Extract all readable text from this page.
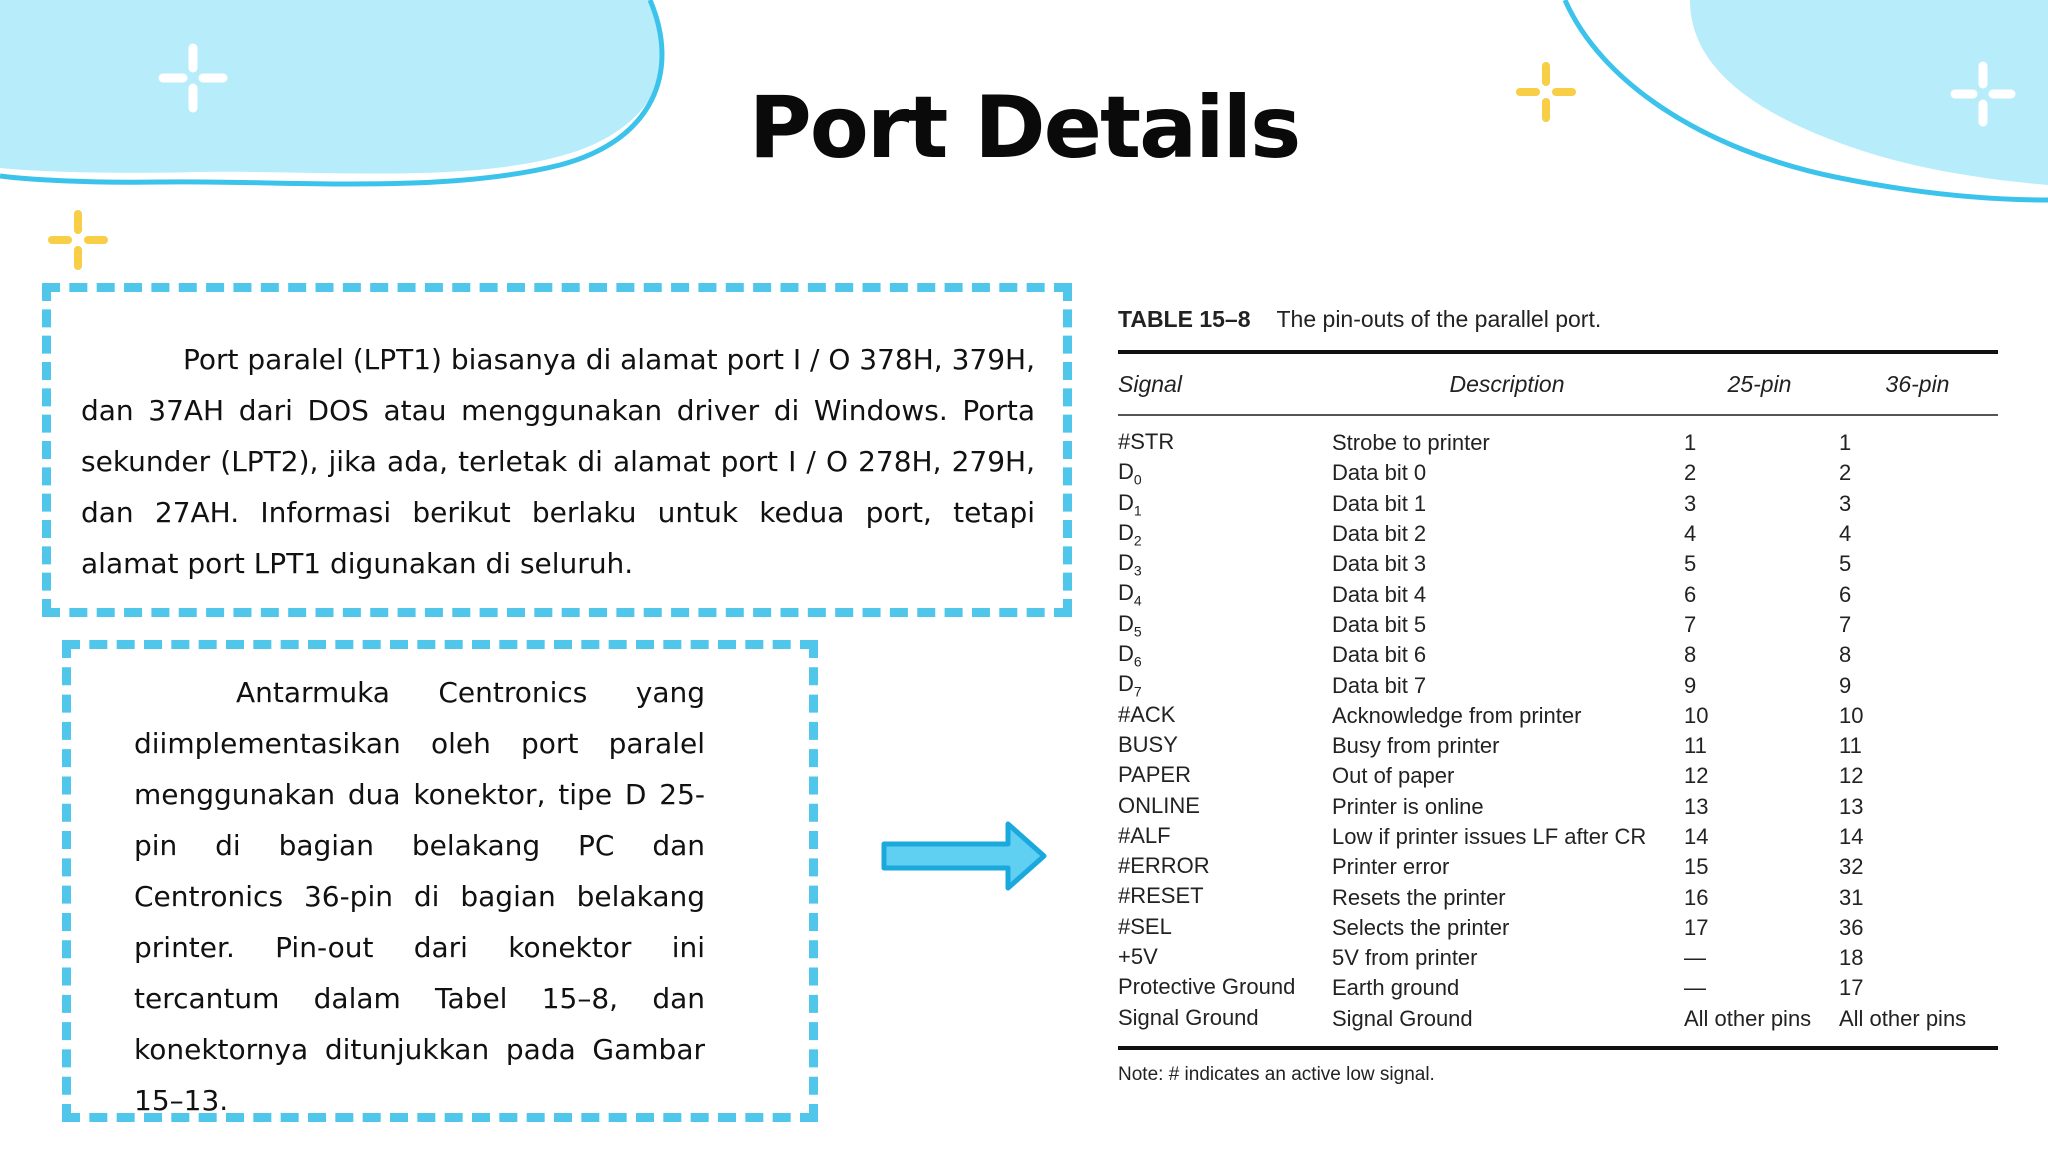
Port Details

Port paralel (LPT1) biasanya di alamat port I / O 378H, 379H, dan 37AH dari DOS atau menggunakan driver di Windows. Porta sekunder (LPT2), jika ada, terletak di alamat port I / O 278H, 279H, dan 27AH. Informasi berikut berlaku untuk kedua port, tetapi alamat port LPT1 digunakan di seluruh.

Antarmuka Centronics yang diimplementasikan oleh port paralel menggunakan dua konektor, tipe D 25-pin di bagian belakang PC dan Centronics 36-pin di bagian belakang printer. Pin-out dari konektor ini tercantum dalam Tabel 15–8, dan konektornya ditunjukkan pada Gambar 15–13.

TABLE 15–8 The pin-outs of the parallel port.
Signal	Description	25-pin	36-pin
#STR	Strobe to printer	1	1
$D_0$	Data bit 0	2	2
$D_1$	Data bit 1	3	3
$D_2$	Data bit 2	4	4
$D_3$	Data bit 3	5	5
$D_4$	Data bit 4	6	6
$D_5$	Data bit 5	7	7
$D_6$	Data bit 6	8	8
$D_7$	Data bit 7	9	9
#ACK	Acknowledge from printer	10	10
BUSY	Busy from printer	11	11
PAPER	Out of paper	12	12
ONLINE	Printer is online	13	13
#ALF	Low if printer issues LF after CR	14	14
#ERROR	Printer error	15	32
#RESET	Resets the printer	16	31
#SEL	Selects the printer	17	36
+5V	5V from printer	—	18
Protective Ground	Earth ground	—	17
Signal Ground	Signal Ground	All other pins	All other pins
Note: # indicates an active low signal.
